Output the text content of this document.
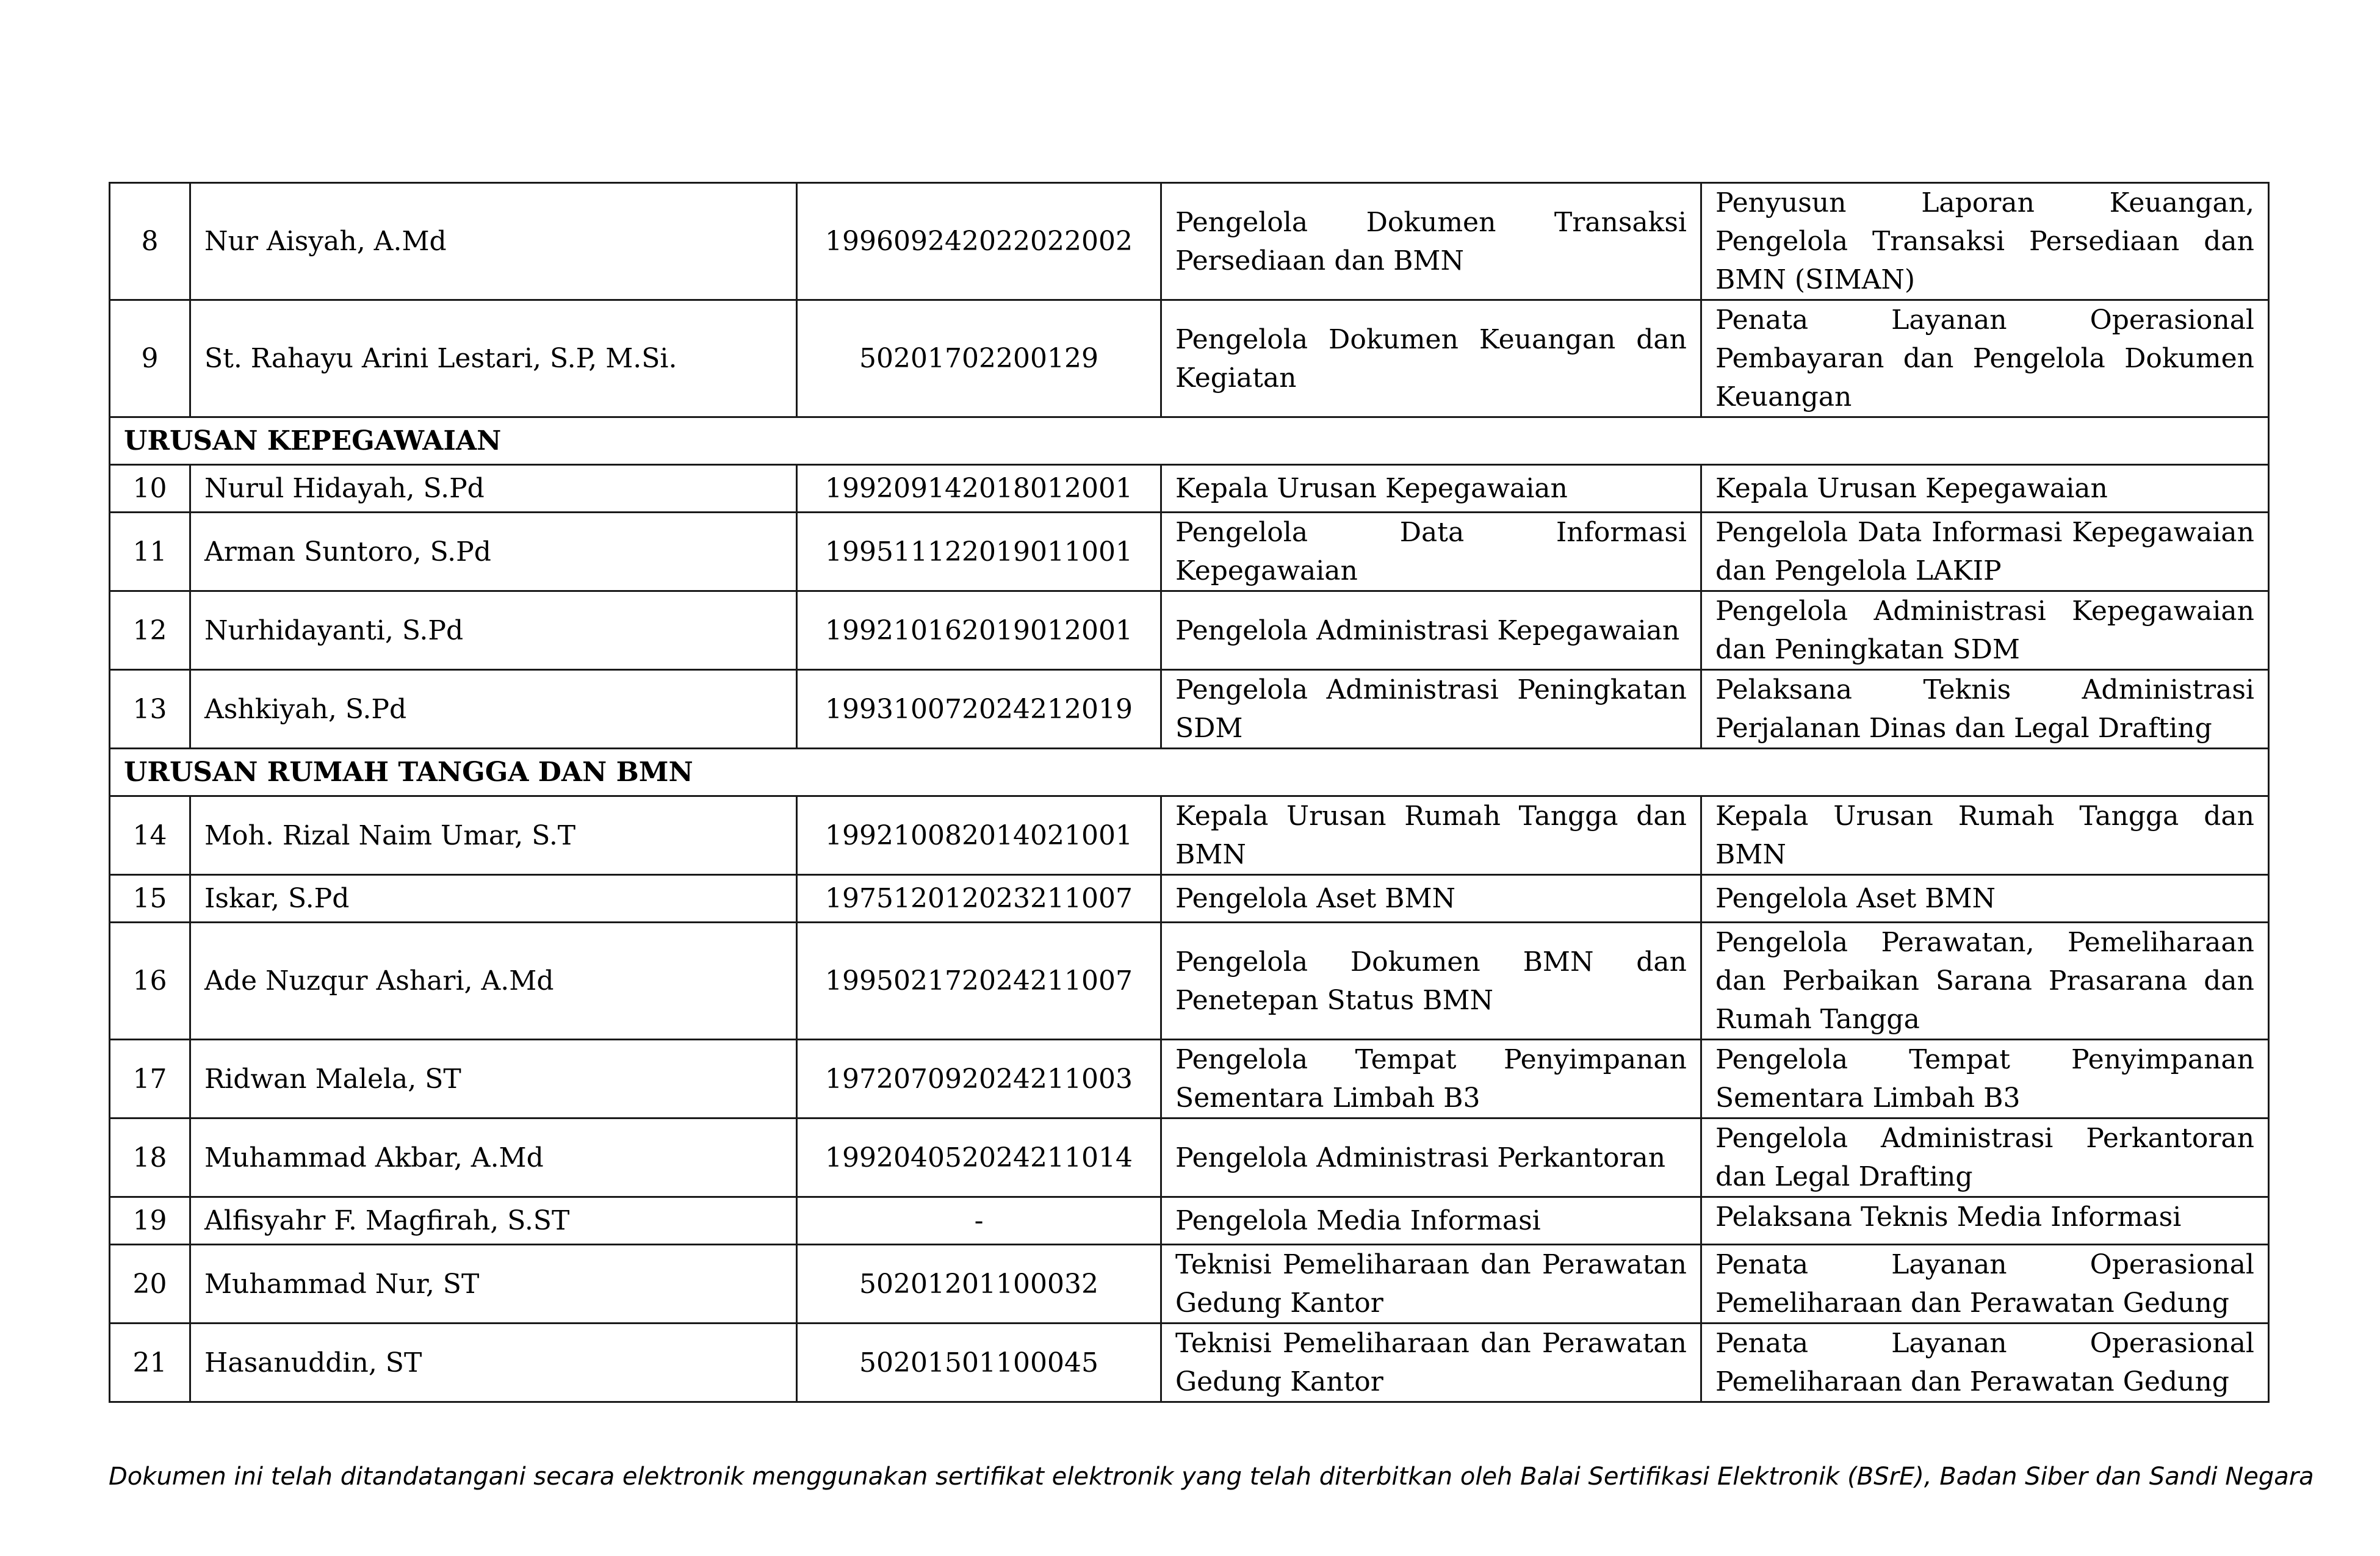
8	Nur Aisyah, A.Md	199609242022022002	Pengelola Dokumen Transaksi Persediaan dan BMN	Penyusun Laporan Keuangan, Pengelola Transaksi Persediaan dan BMN (SIMAN)
9	St. Rahayu Arini Lestari, S.P, M.Si.	50201702200129	Pengelola Dokumen Keuangan dan Kegiatan	Penata Layanan Operasional Pembayaran dan Pengelola Dokumen Keuangan
URUSAN KEPEGAWAIAN				
10	Nurul Hidayah, S.Pd	199209142018012001	Kepala Urusan Kepegawaian	Kepala Urusan Kepegawaian
11	Arman Suntoro, S.Pd	199511122019011001	Pengelola Data Informasi Kepegawaian	Pengelola Data Informasi Kepegawaian dan Pengelola LAKIP
12	Nurhidayanti, S.Pd	199210162019012001	Pengelola Administrasi Kepegawaian	Pengelola Administrasi Kepegawaian dan Peningkatan SDM
13	Ashkiyah, S.Pd	199310072024212019	Pengelola Administrasi Peningkatan SDM	Pelaksana Teknis Administrasi Perjalanan Dinas dan Legal Drafting
URUSAN RUMAH TANGGA DAN BMN				
14	Moh. Rizal Naim Umar, S.T	199210082014021001	Kepala Urusan Rumah Tangga dan BMN	Kepala Urusan Rumah Tangga dan BMN
15	Iskar, S.Pd	197512012023211007	Pengelola Aset BMN	Pengelola Aset BMN
16	Ade Nuzqur Ashari, A.Md	199502172024211007	Pengelola Dokumen BMN dan Penetepan Status BMN	Pengelola Perawatan, Pemeliharaan dan Perbaikan Sarana Prasarana dan Rumah Tangga
17	Ridwan Malela, ST	197207092024211003	Pengelola Tempat Penyimpanan Sementara Limbah B3	Pengelola Tempat Penyimpanan Sementara Limbah B3
18	Muhammad Akbar, A.Md	199204052024211014	Pengelola Administrasi Perkantoran	Pengelola Administrasi Perkantoran dan Legal Drafting
19	Alfisyahr F. Magfirah, S.ST	-	Pengelola Media Informasi	Pelaksana Teknis Media Informasi
20	Muhammad Nur, ST	50201201100032	Teknisi Pemeliharaan dan Perawatan Gedung Kantor	Penata Layanan Operasional Pemeliharaan dan Perawatan Gedung
21	Hasanuddin, ST	50201501100045	Teknisi Pemeliharaan dan Perawatan Gedung Kantor	Penata Layanan Operasional Pemeliharaan dan Perawatan Gedung
Dokumen ini telah ditandatangani secara elektronik menggunakan sertifikat elektronik yang telah diterbitkan oleh Balai Sertifikasi Elektronik (BSrE), Badan Siber dan Sandi Negara
